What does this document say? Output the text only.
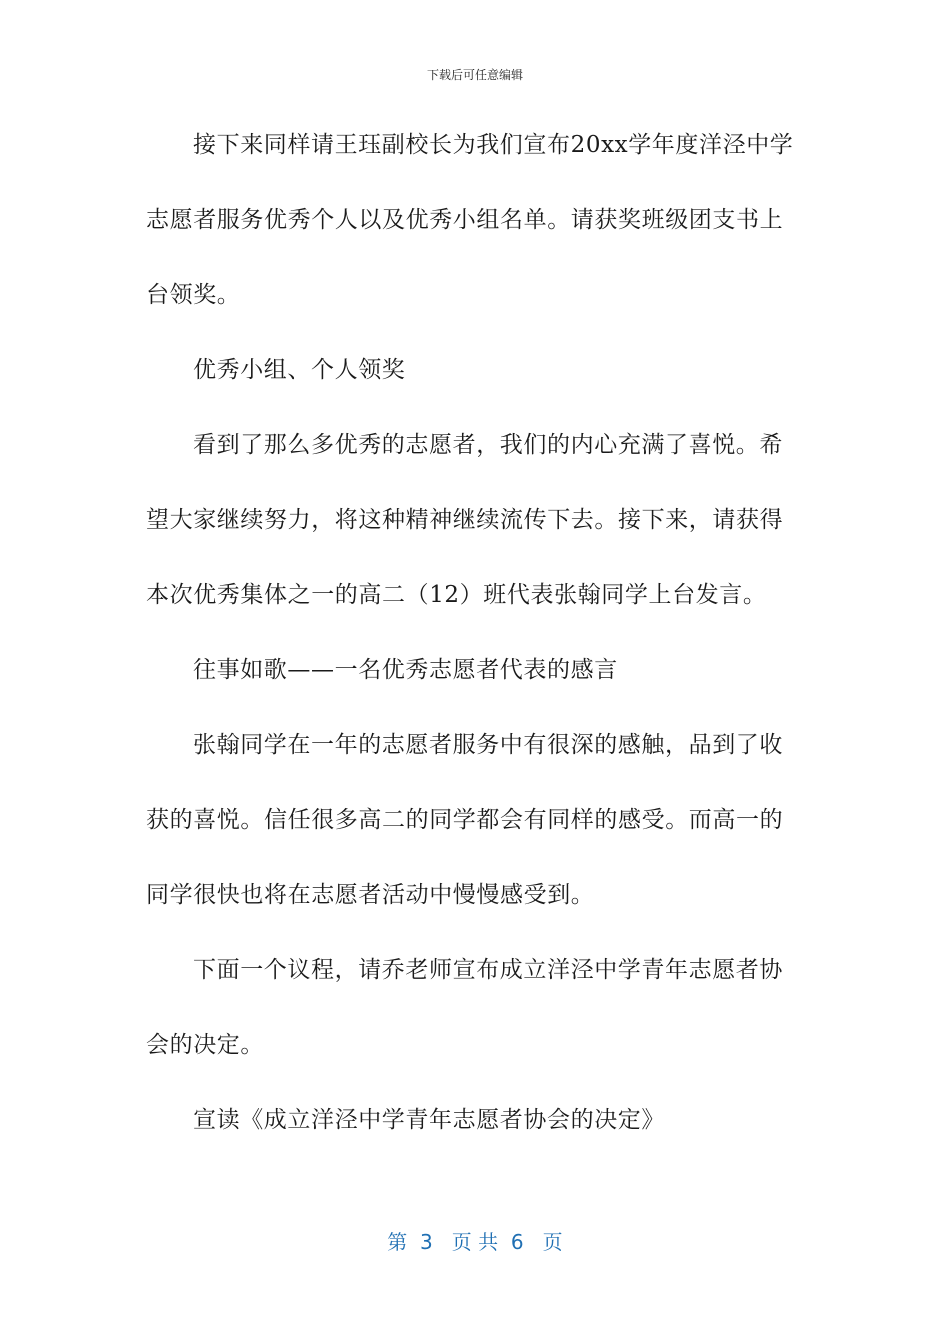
下载后可任意编辑
接下来同样请王珏副校长为我们宣布20xx学年度洋泾中学
志愿者服务优秀个人以及优秀小组名单。请获奖班级团支书上
台领奖。
优秀小组、个人领奖
看到了那么多优秀的志愿者，我们的内心充满了喜悦。希
望大家继续努力，将这种精神继续流传下去。接下来，请获得
本次优秀集体之一的高二（12）班代表张翰同学上台发言。
往事如歌——一名优秀志愿者代表的感言
张翰同学在一年的志愿者服务中有很深的感触，品到了收
获的喜悦。信任很多高二的同学都会有同样的感受。而高一的
同学很快也将在志愿者活动中慢慢感受到。
下面一个议程，请乔老师宣布成立洋泾中学青年志愿者协
会的决定。
宣读《成立洋泾中学青年志愿者协会的决定》
第  3   页 共  6   页
